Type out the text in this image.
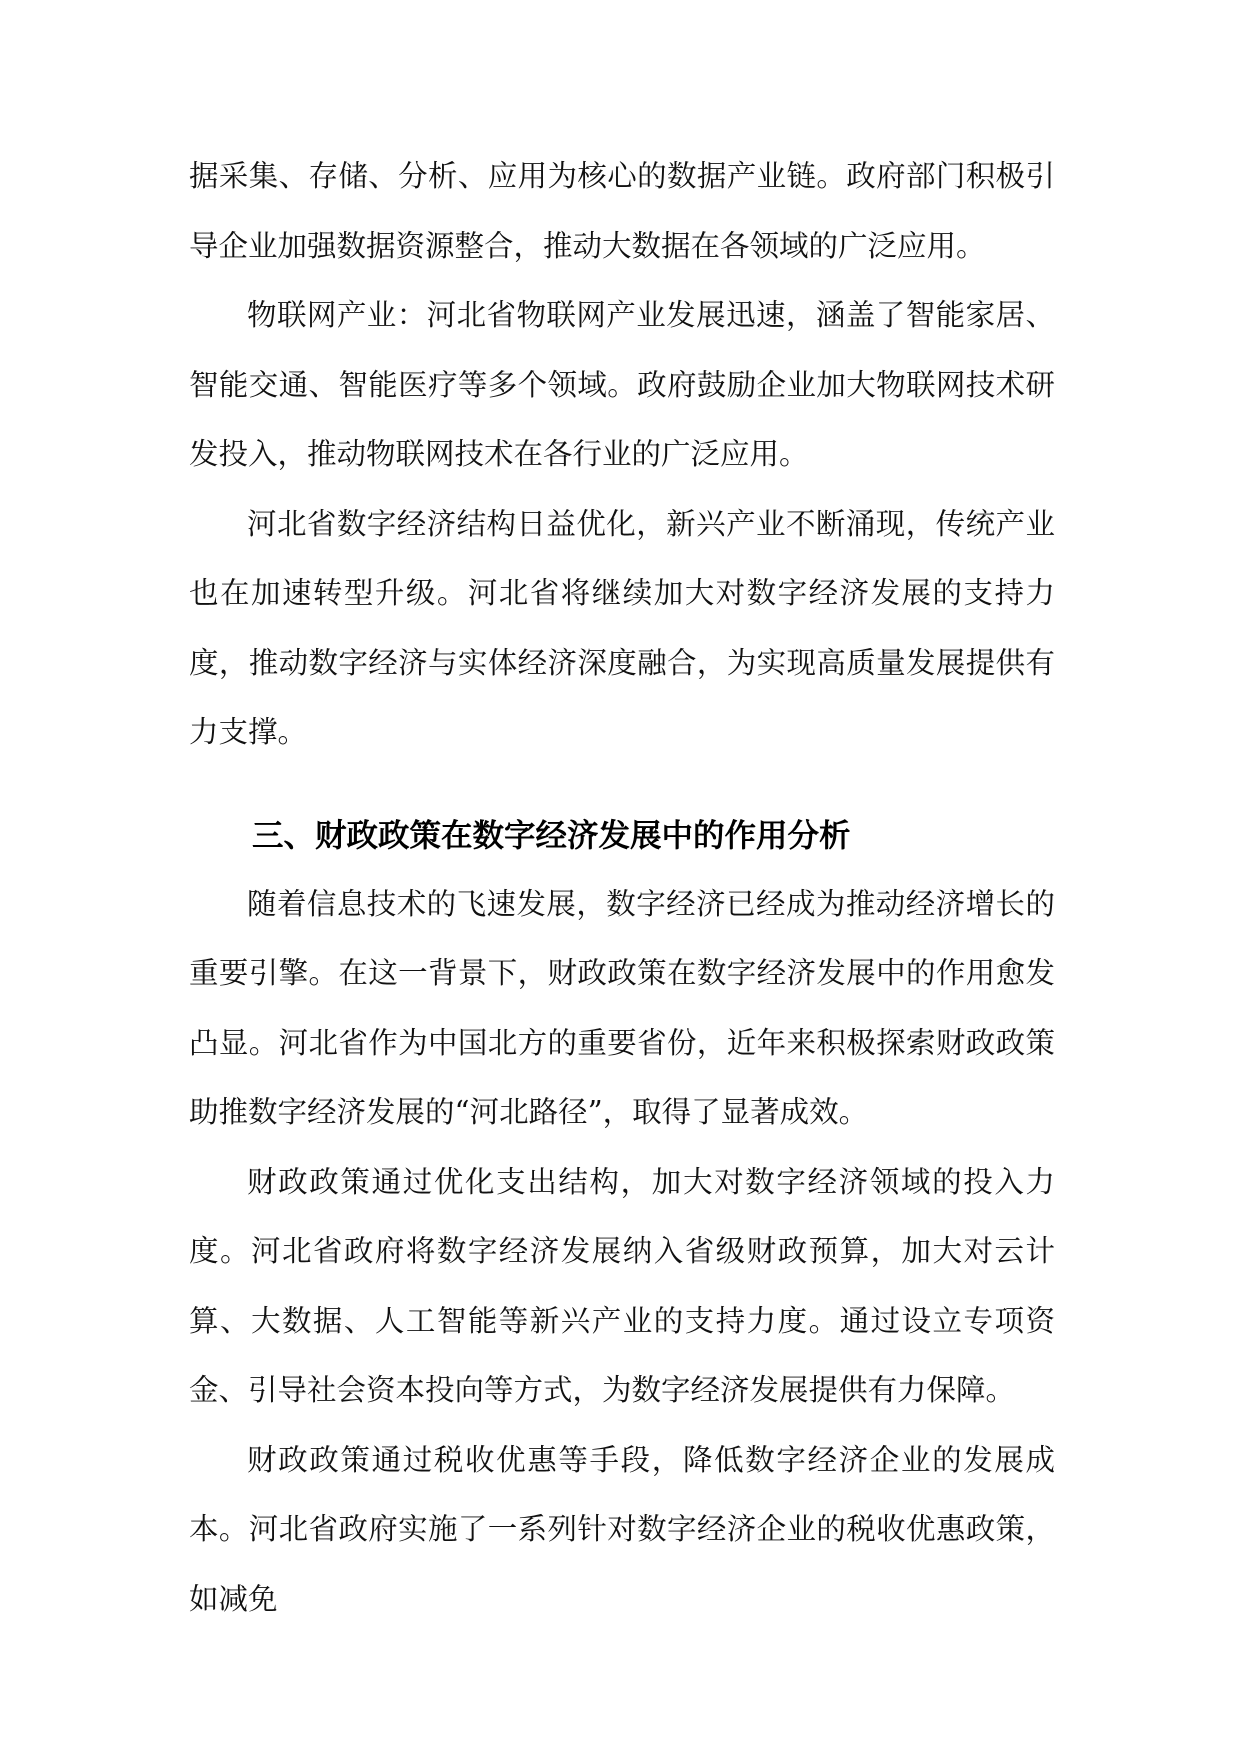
据采集、存储、分析、应用为核心的数据产业链。政府部门积极引导企业加强数据资源整合，推动大数据在各领域的广泛应用。

物联网产业：河北省物联网产业发展迅速，涵盖了智能家居、智能交通、智能医疗等多个领域。政府鼓励企业加大物联网技术研发投入，推动物联网技术在各行业的广泛应用。

河北省数字经济结构日益优化，新兴产业不断涌现，传统产业也在加速转型升级。河北省将继续加大对数字经济发展的支持力度，推动数字经济与实体经济深度融合，为实现高质量发展提供有力支撑。

三、财政政策在数字经济发展中的作用分析

随着信息技术的飞速发展，数字经济已经成为推动经济增长的重要引擎。在这一背景下，财政政策在数字经济发展中的作用愈发凸显。河北省作为中国北方的重要省份，近年来积极探索财政政策助推数字经济发展的“河北路径”，取得了显著成效。

财政政策通过优化支出结构，加大对数字经济领域的投入力度。河北省政府将数字经济发展纳入省级财政预算，加大对云计算、大数据、人工智能等新兴产业的支持力度。通过设立专项资金、引导社会资本投向等方式，为数字经济发展提供有力保障。

财政政策通过税收优惠等手段，降低数字经济企业的发展成本。河北省政府实施了一系列针对数字经济企业的税收优惠政策，如减免
